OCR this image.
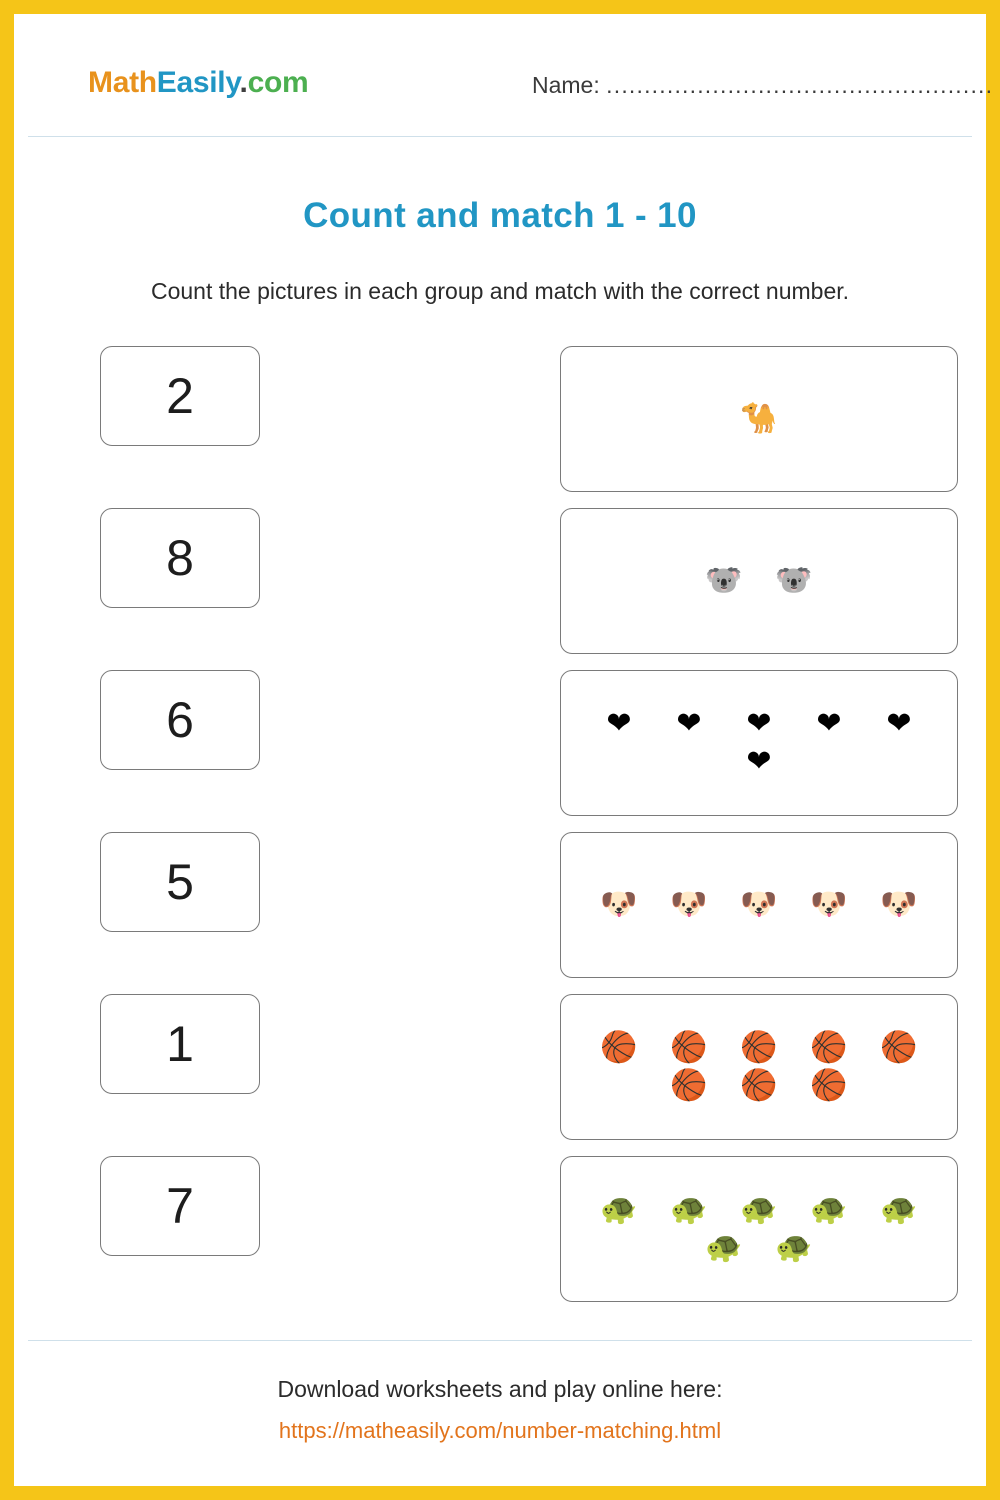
MathEasily.com	Name: ...................................................
Count and match 1 - 10
Count the pictures in each group and match with the correct number.
2	🐪
8	🐨	🐨
6	❤	❤	❤	❤	❤
❤
5	🐶	🐶	🐶	🐶	🐶
1	🏀	🏀	🏀	🏀	🏀
🏀	🏀	🏀
7	🐢	🐢	🐢	🐢	🐢
🐢	🐢
Download worksheets and play online here:
https://matheasily.com/number-matching.html
